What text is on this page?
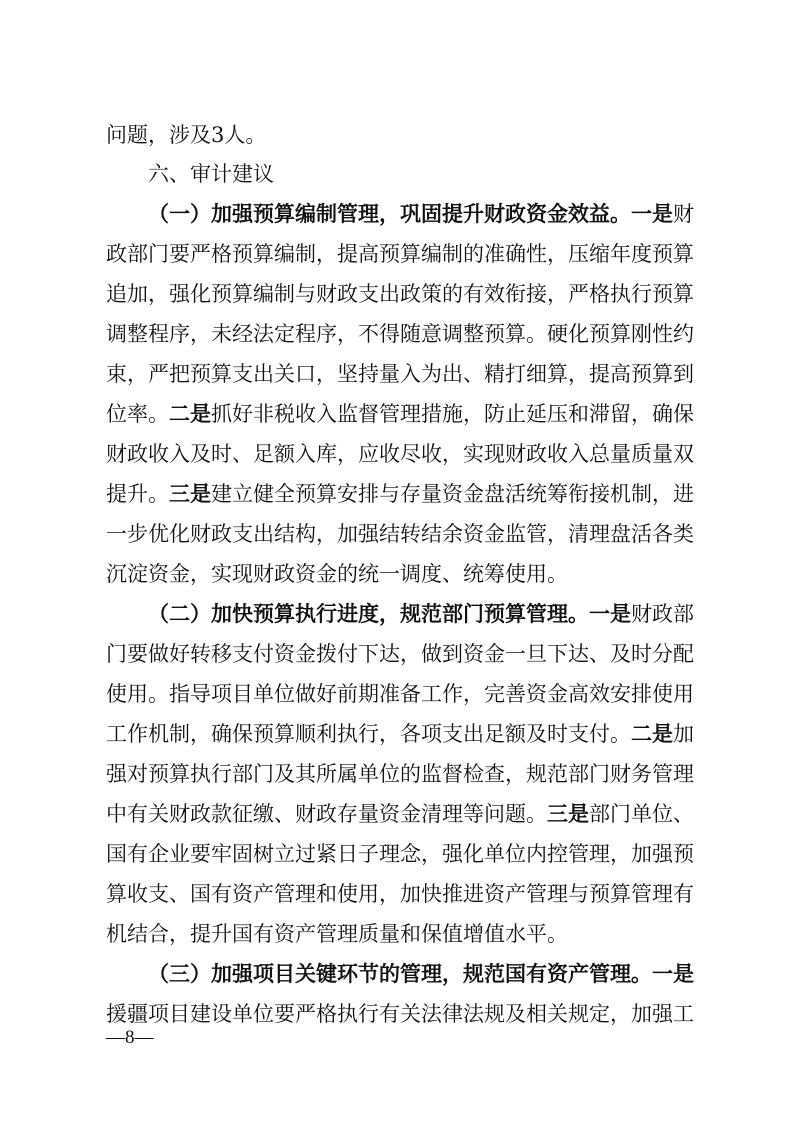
问题，涉及3人。
六、审计建议
（一）加强预算编制管理，巩固提升财政资金效益。一是财
政部门要严格预算编制，提高预算编制的准确性，压缩年度预算
追加，强化预算编制与财政支出政策的有效衔接，严格执行预算
调整程序，未经法定程序，不得随意调整预算。硬化预算刚性约
束，严把预算支出关口，坚持量入为出、精打细算，提高预算到
位率。二是抓好非税收入监督管理措施，防止延压和滞留，确保
财政收入及时、足额入库，应收尽收，实现财政收入总量质量双
提升。三是建立健全预算安排与存量资金盘活统筹衔接机制，进
一步优化财政支出结构，加强结转结余资金监管，清理盘活各类
沉淀资金，实现财政资金的统一调度、统筹使用。
（二）加快预算执行进度，规范部门预算管理。一是财政部
门要做好转移支付资金拨付下达，做到资金一旦下达、及时分配
使用。指导项目单位做好前期准备工作，完善资金高效安排使用
工作机制，确保预算顺利执行，各项支出足额及时支付。二是加
强对预算执行部门及其所属单位的监督检查，规范部门财务管理
中有关财政款征缴、财政存量资金清理等问题。三是部门单位、
国有企业要牢固树立过紧日子理念，强化单位内控管理，加强预
算收支、国有资产管理和使用，加快推进资产管理与预算管理有
机结合，提升国有资产管理质量和保值增值水平。
（三）加强项目关键环节的管理，规范国有资产管理。一是
援疆项目建设单位要严格执行有关法律法规及相关规定，加强工
—8—
